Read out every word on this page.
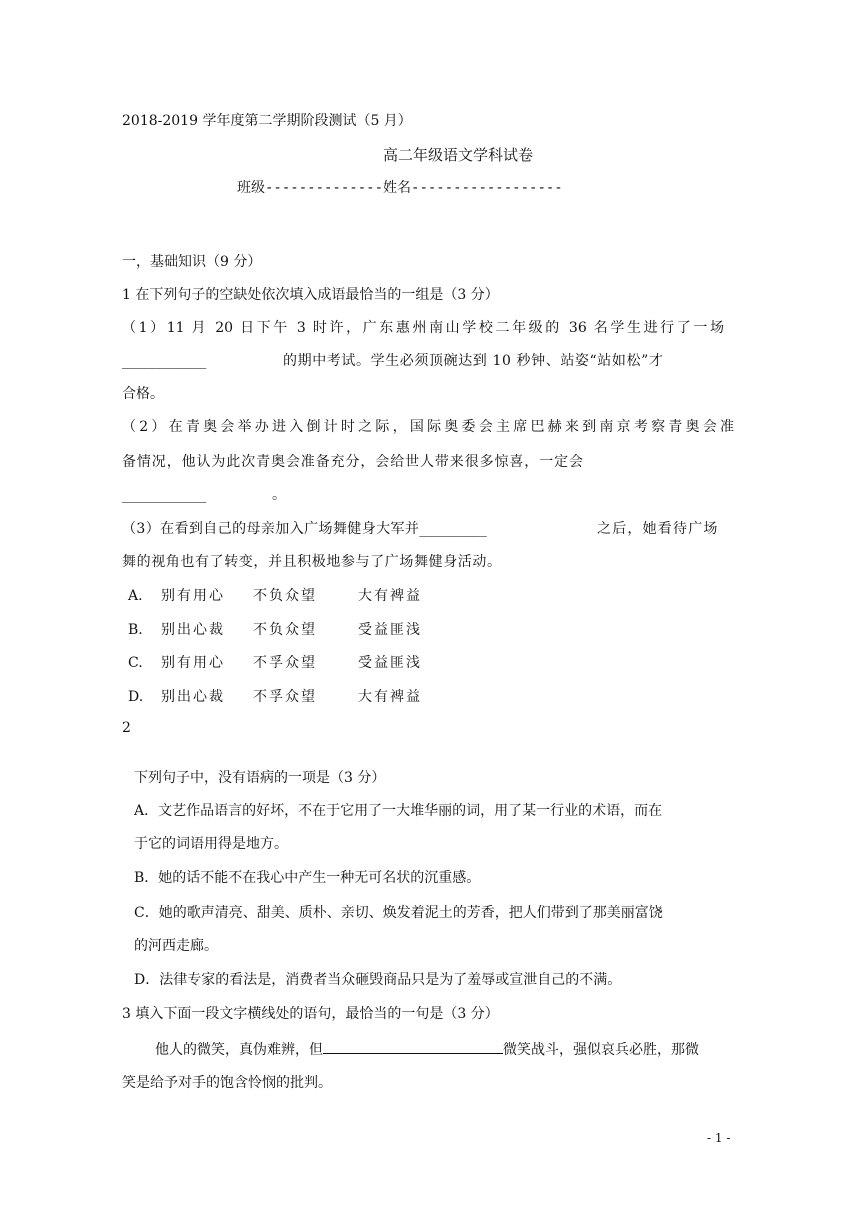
2018-2019 学年度第二学期阶段测试（5 月）
高二年级语文学科试卷
班级--------------姓名------------------
一，基础知识（9 分）
1 在下列句子的空缺处依次填入成语最恰当的一组是（3 分）
（1）11 月 20 日下午 3 时许，广东惠州南山学校二年级的 36 名学生进行了一场
__________	的期中考试。学生必须顶碗达到 10 秒钟、站姿“站如松”才
合格。
（2）在青奥会举办进入倒计时之际，国际奥委会主席巴赫来到南京考察青奥会准
备情况，他认为此次青奥会准备充分，会给世人带来很多惊喜，一定会
__________	。
（3）在看到自己的母亲加入广场舞健身大军并________	之后，她看待广场
舞的视角也有了转变，并且积极地参与了广场舞健身活动。
A. 别有用心 不负众望	大有裨益
B. 别出心裁 不负众望	受益匪浅
C. 别有用心 不孚众望	受益匪浅
D. 别出心裁 不孚众望	大有裨益
2
下列句子中，没有语病的一项是（3 分）
A．文艺作品语言的好坏，不在于它用了一大堆华丽的词，用了某一行业的术语，而在
于它的词语用得是地方。
B．她的话不能不在我心中产生一种无可名状的沉重感。
C．她的歌声清亮、甜美、质朴、亲切、焕发着泥土的芳香，把人们带到了那美丽富饶
的河西走廊。
D．法律专家的看法是，消费者当众砸毁商品只是为了羞辱或宣泄自己的不满。
3 填入下面一段文字横线处的语句，最恰当的一句是（3 分）
他人的微笑，真伪难辨，但	微笑战斗，强似哀兵必胜，那微
笑是给予对手的饱含怜悯的批判。
- 1 -
